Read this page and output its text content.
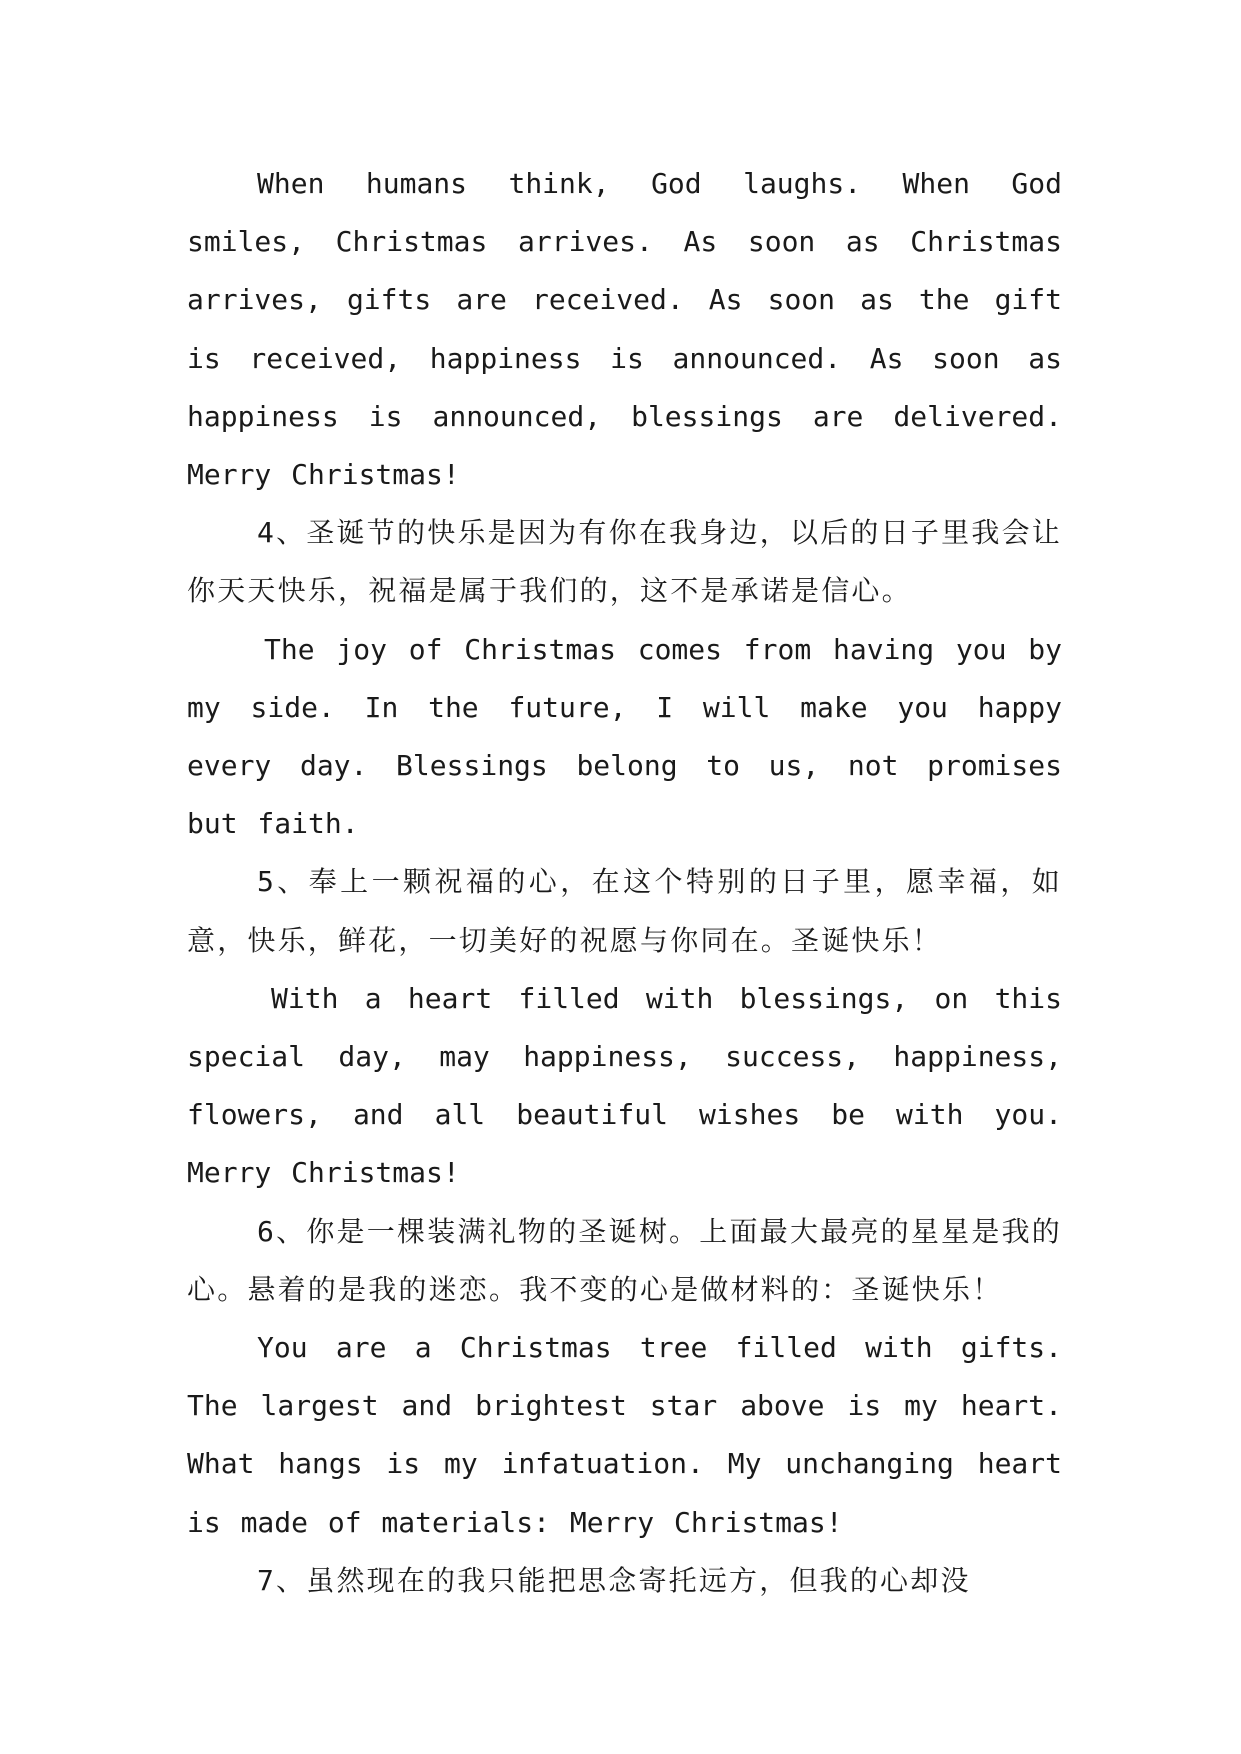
When humans think, God laughs. When God smiles, Christmas arrives. As soon as Christmas arrives, gifts are received. As soon as the gift is received, happiness is announced. As soon as happiness is announced, blessings are delivered. Merry Christmas!

4、圣诞节的快乐是因为有你在我身边，以后的日子里我会让你天天快乐，祝福是属于我们的，这不是承诺是信心。

The joy of Christmas comes from having you by my side. In the future, I will make you happy every day. Blessings belong to us, not promises but faith.

5、奉上一颗祝福的心，在这个特别的日子里，愿幸福，如意，快乐，鲜花，一切美好的祝愿与你同在。圣诞快乐！

With a heart filled with blessings, on this special day, may happiness, success, happiness, flowers, and all beautiful wishes be with you. Merry Christmas!

6、你是一棵装满礼物的圣诞树。上面最大最亮的星星是我的心。悬着的是我的迷恋。我不变的心是做材料的：圣诞快乐！

You are a Christmas tree filled with gifts. The largest and brightest star above is my heart. What hangs is my infatuation. My unchanging heart is made of materials: Merry Christmas!

7、虽然现在的我只能把思念寄托远方，但我的心却没
